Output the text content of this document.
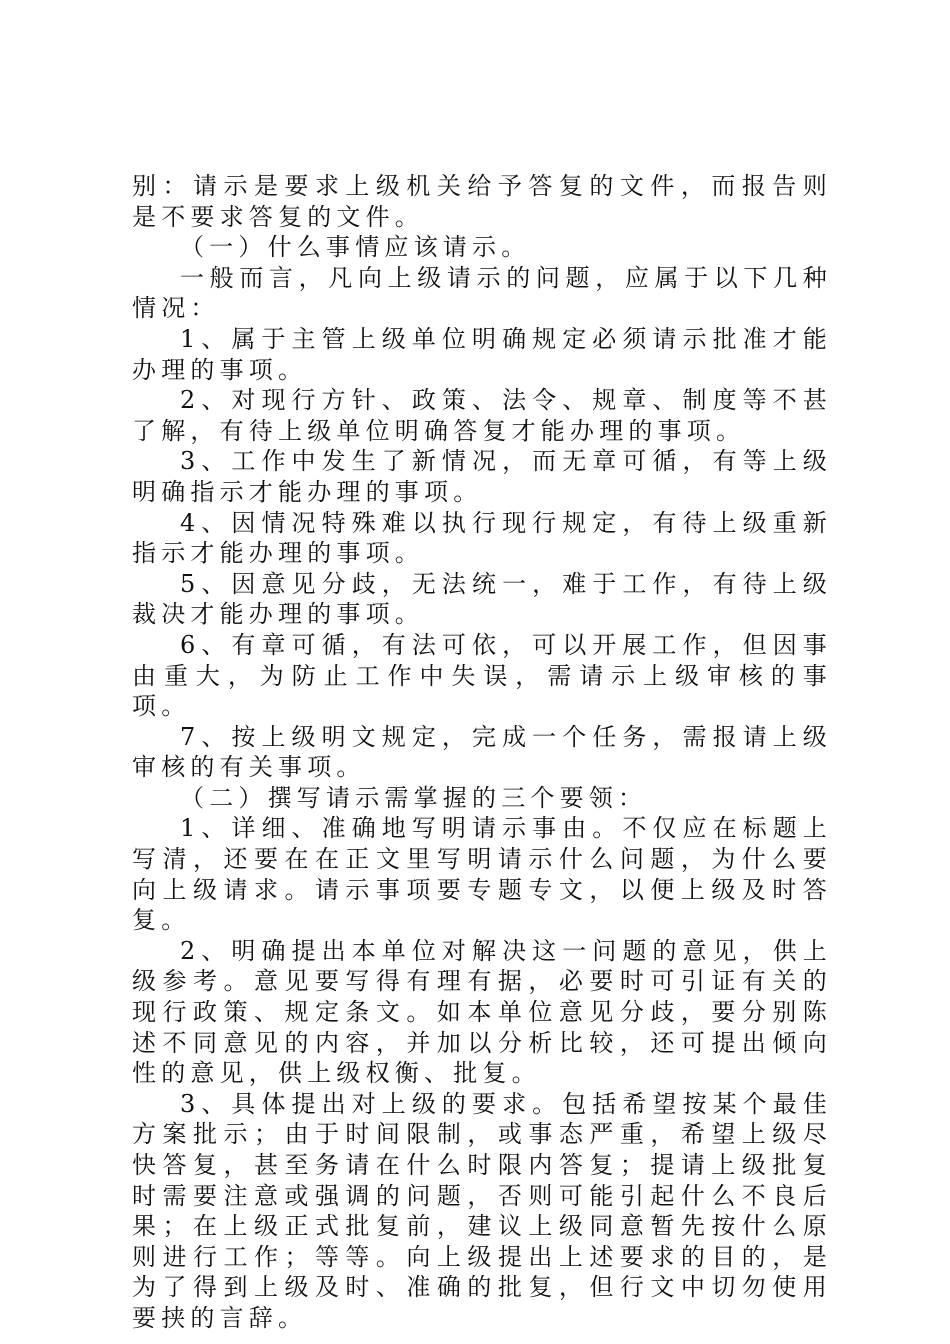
别：请示是要求上级机关给予答复的文件，而报告则是不要求答复的文件。

（一）什么事情应该请示。

一般而言，凡向上级请示的问题，应属于以下几种情况：

1、属于主管上级单位明确规定必须请示批准才能办理的事项。

2、对现行方针、政策、法令、规章、制度等不甚了解，有待上级单位明确答复才能办理的事项。

3、工作中发生了新情况，而无章可循，有等上级明确指示才能办理的事项。

4、因情况特殊难以执行现行规定，有待上级重新指示才能办理的事项。

5、因意见分歧，无法统一，难于工作，有待上级裁决才能办理的事项。

6、有章可循，有法可依，可以开展工作，但因事由重大，为防止工作中失误，需请示上级审核的事项。

7、按上级明文规定，完成一个任务，需报请上级审核的有关事项。

（二）撰写请示需掌握的三个要领：

1、详细、准确地写明请示事由。不仅应在标题上写清，还要在在正文里写明请示什么问题，为什么要向上级请求。请示事项要专题专文，以便上级及时答复。

2、明确提出本单位对解决这一问题的意见，供上级参考。意见要写得有理有据，必要时可引证有关的现行政策、规定条文。如本单位意见分歧，要分别陈述不同意见的内容，并加以分析比较，还可提出倾向性的意见，供上级权衡、批复。

3、具体提出对上级的要求。包括希望按某个最佳方案批示；由于时间限制，或事态严重，希望上级尽快答复，甚至务请在什么时限内答复；提请上级批复时需要注意或强调的问题，否则可能引起什么不良后果；在上级正式批复前，建议上级同意暂先按什么原则进行工作；等等。向上级提出上述要求的目的，是为了得到上级及时、准确的批复，但行文中切勿使用要挟的言辞。
